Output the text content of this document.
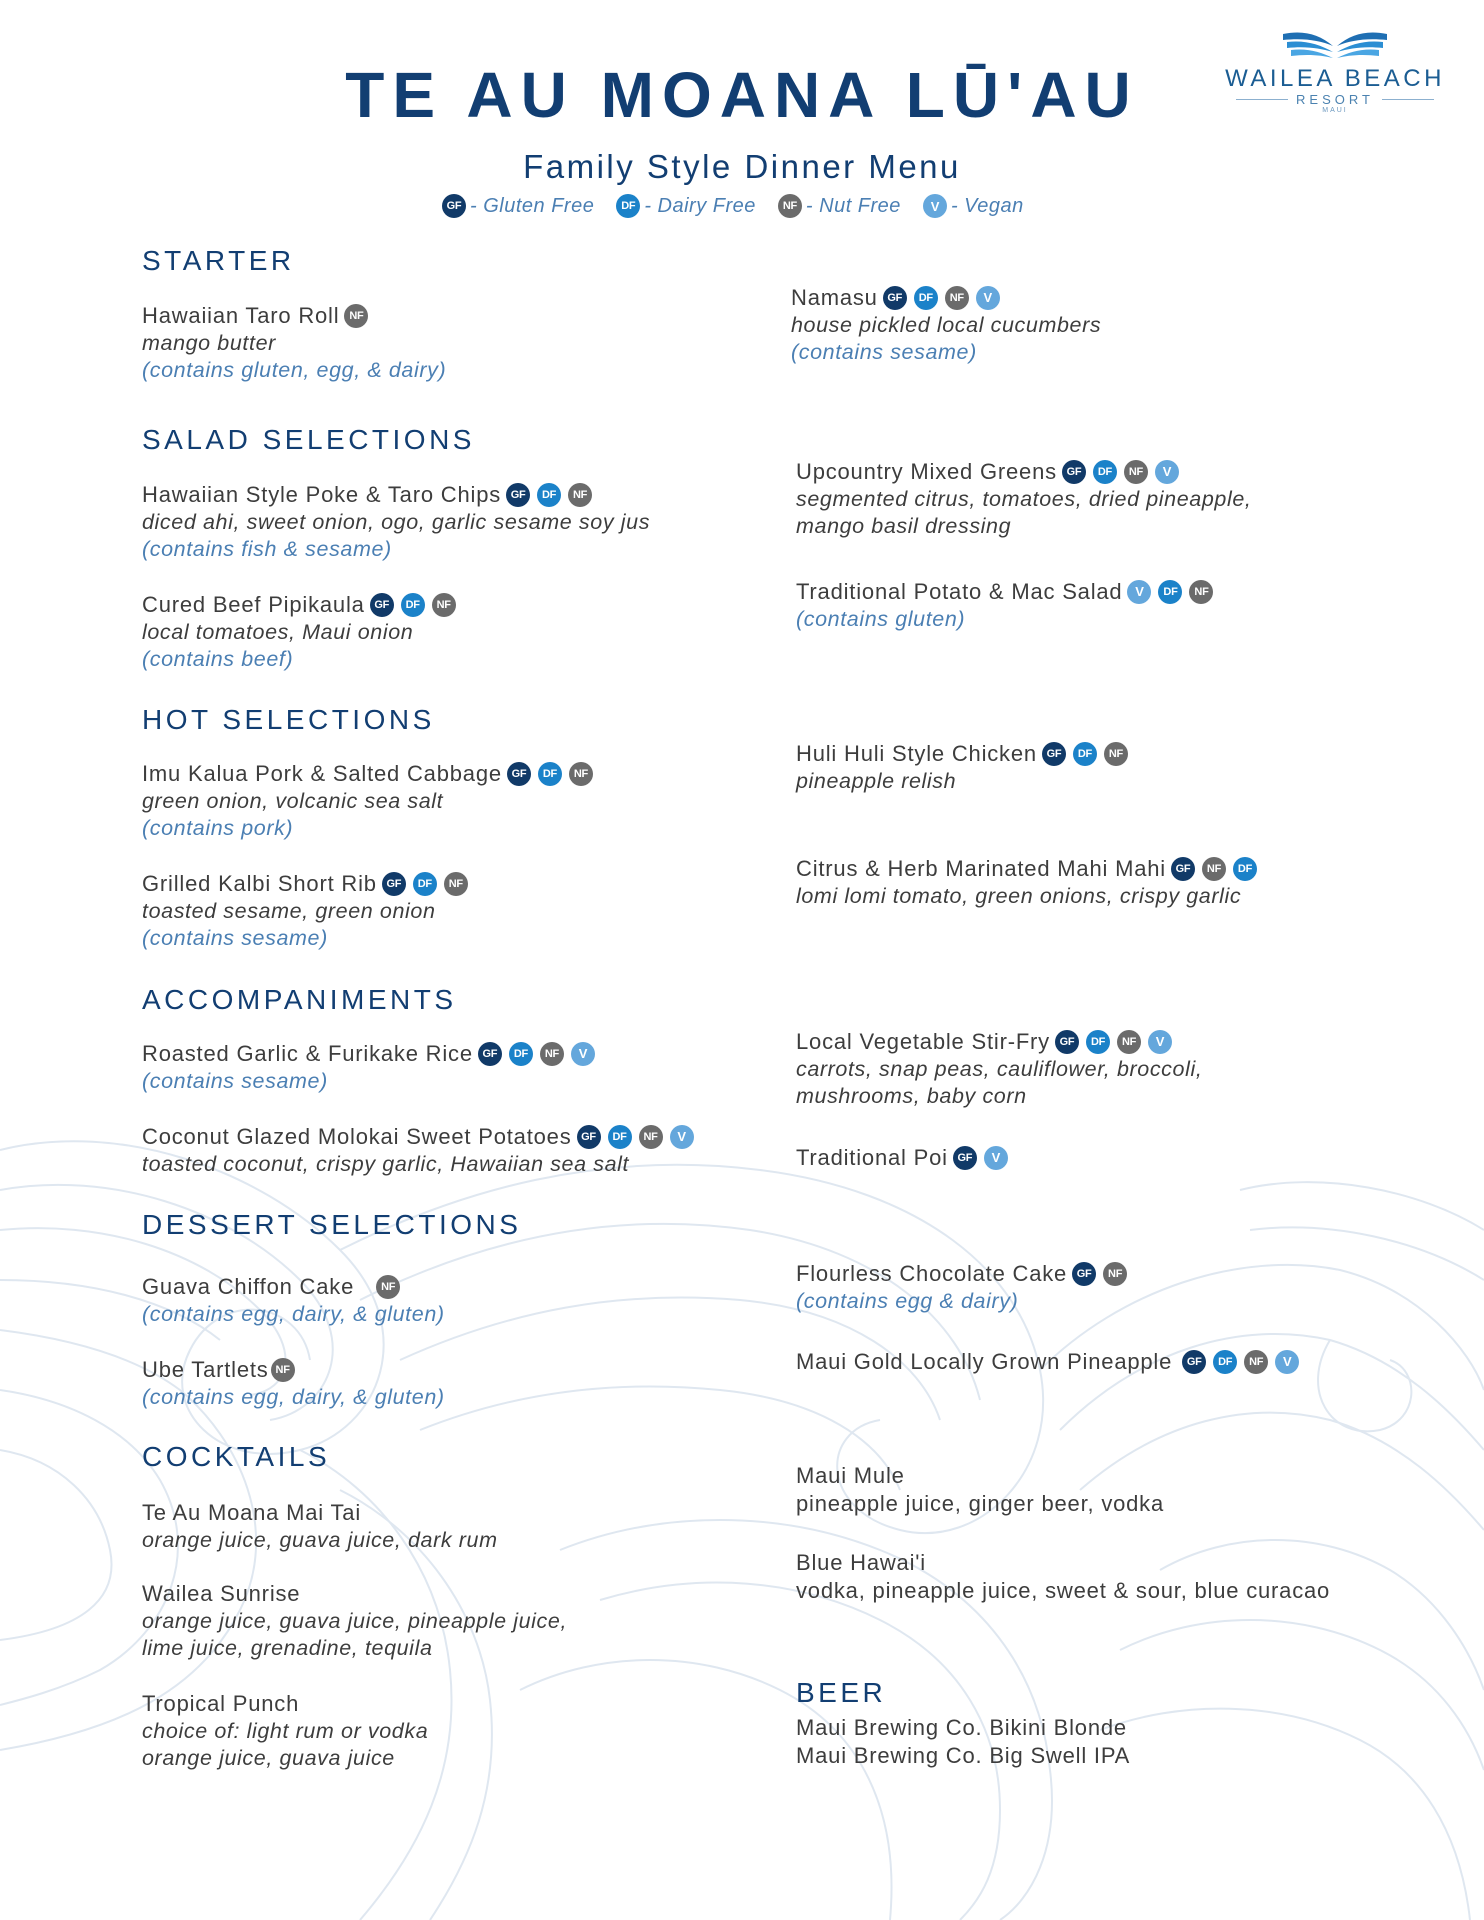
WAILEA BEACH
RESORT
MAUI
TE AU MOANA LŪ'AU
Family Style Dinner Menu
GF - Gluten Free	DF - Dairy Free	NF - Nut Free	V - Vegan
STARTER
Hawaiian Taro Roll NF
mango butter
(contains gluten, egg, & dairy)
Namasu GF	DF	NF	V
house pickled local cucumbers
(contains sesame)
SALAD SELECTIONS
Hawaiian Style Poke & Taro Chips GF	DF	NF
diced ahi, sweet onion, ogo, garlic sesame soy jus
(contains fish & sesame)
Upcountry Mixed Greens GF	DF	NF	V
segmented citrus, tomatoes, dried pineapple,
mango basil dressing
Cured Beef Pipikaula GF	DF	NF
local tomatoes, Maui onion
(contains beef)
Traditional Potato & Mac Salad V	DF	NF
(contains gluten)
HOT SELECTIONS
Imu Kalua Pork & Salted Cabbage GF	DF	NF
green onion, volcanic sea salt
(contains pork)
Huli Huli Style Chicken GF	DF	NF
pineapple relish
Grilled Kalbi Short Rib GF	DF	NF
toasted sesame, green onion
(contains sesame)
Citrus & Herb Marinated Mahi Mahi GF	NF	DF
lomi lomi tomato, green onions, crispy garlic
ACCOMPANIMENTS
Roasted Garlic & Furikake Rice GF	DF	NF	V
(contains sesame)
Local Vegetable Stir-Fry GF	DF	NF	V
carrots, snap peas, cauliflower, broccoli,
mushrooms, baby corn
Coconut Glazed Molokai Sweet Potatoes GF	DF	NF	V
toasted coconut, crispy garlic, Hawaiian sea salt	Traditional Poi GF	V
DESSERT SELECTIONS
Guava Chiffon Cake	NF
(contains egg, dairy, & gluten)
Flourless Chocolate Cake GF	NF
(contains egg & dairy)
Ube Tartlets NF
(contains egg, dairy, & gluten)
Maui Gold Locally Grown Pineapple	GF	DF	NF	V
COCKTAILS
Te Au Moana Mai Tai
orange juice, guava juice, dark rum
Maui Mule
pineapple juice, ginger beer, vodka
Wailea Sunrise
orange juice, guava juice, pineapple juice,
lime juice, grenadine, tequila
Blue Hawai'i
vodka, pineapple juice, sweet & sour, blue curacao
Tropical Punch
choice of: light rum or vodka
orange juice, guava juice
BEER
Maui Brewing Co. Bikini Blonde
Maui Brewing Co. Big Swell IPA
